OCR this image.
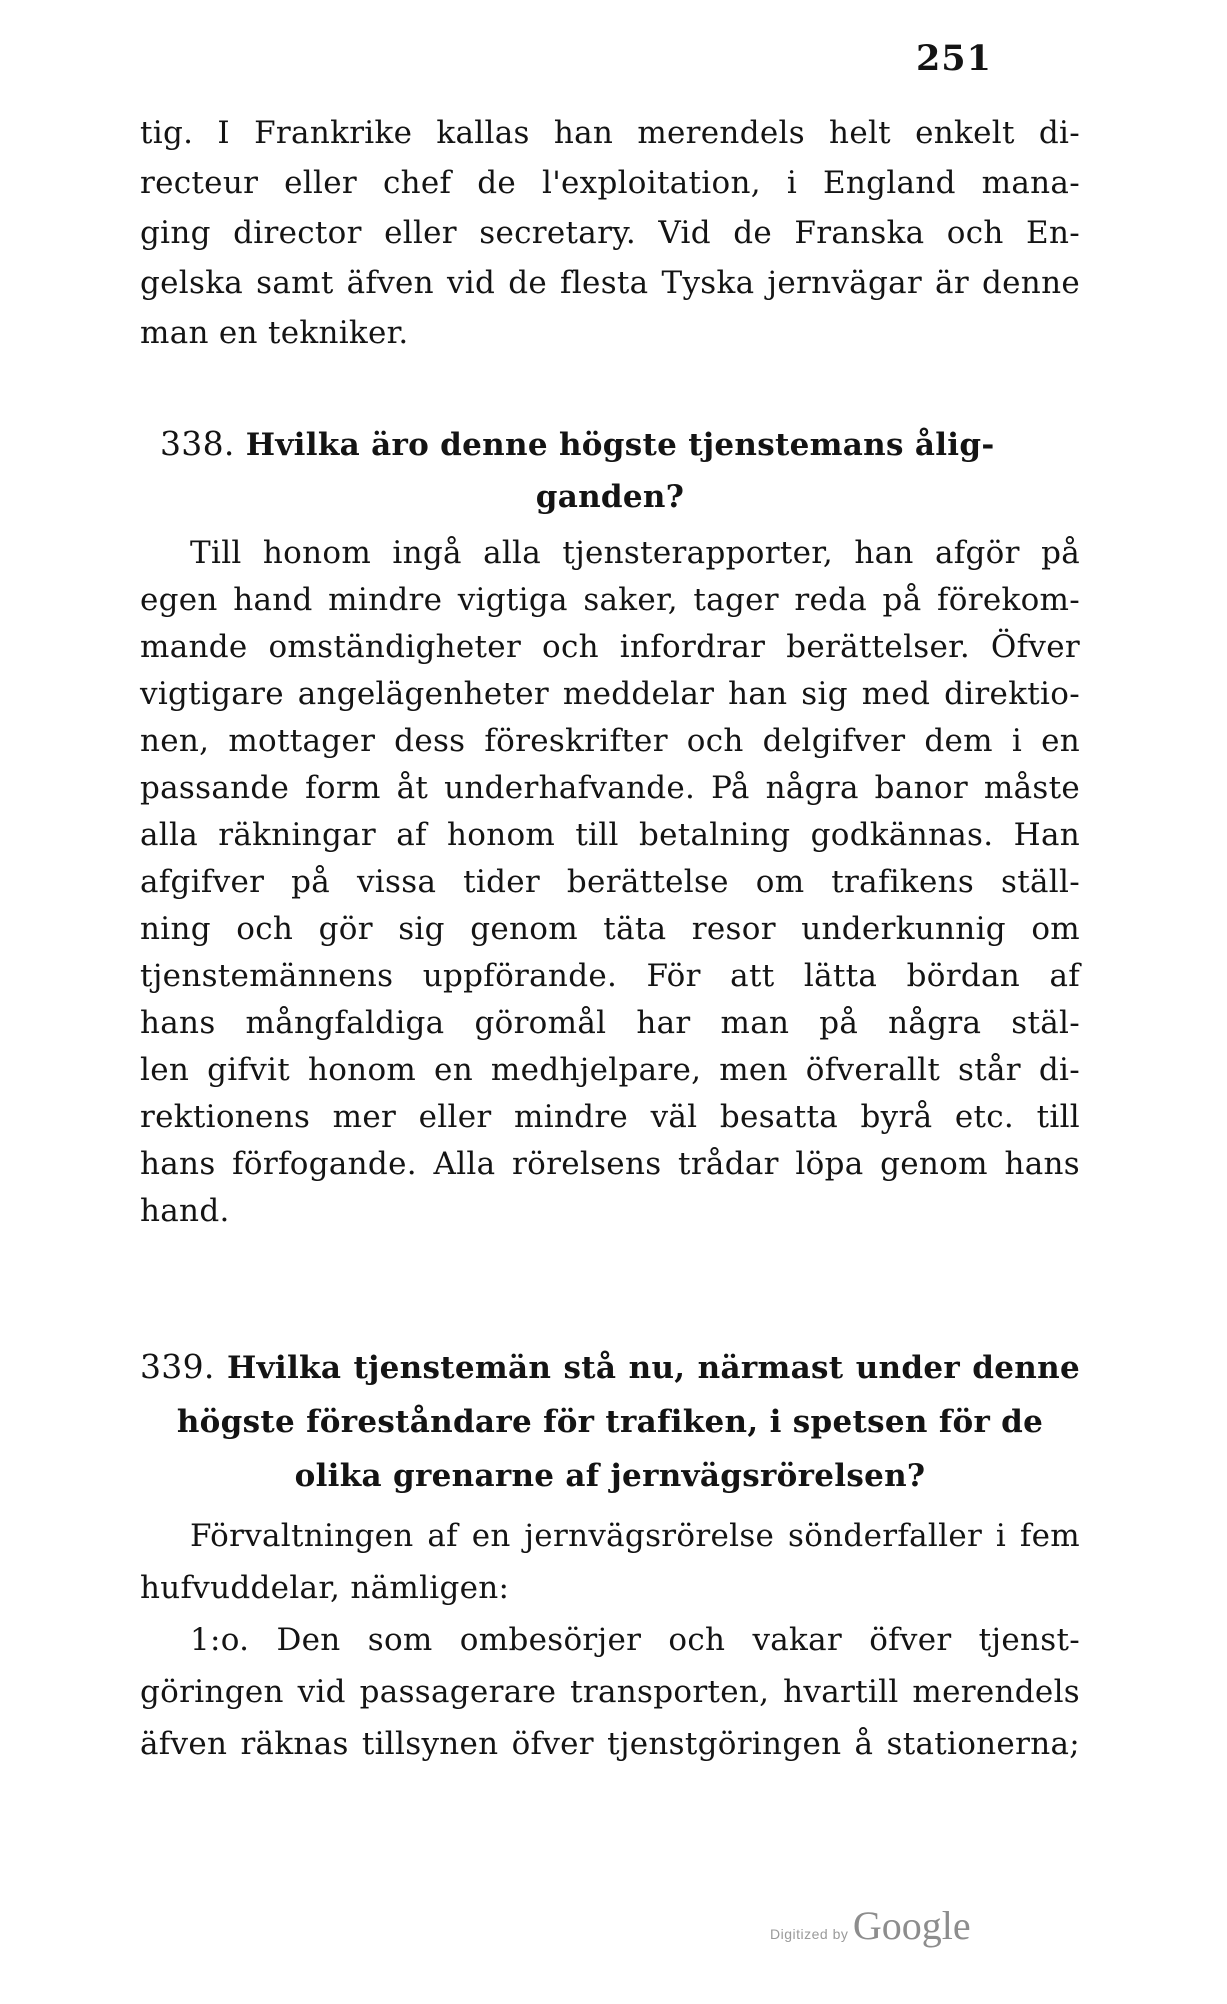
251
tig. I Frankrike kallas han merendels helt enkelt di-
recteur eller chef de l'exploitation, i England mana-
ging director eller secretary. Vid de Franska och En-
gelska samt äfven vid de flesta Tyska jernvägar är denne
man en tekniker.
338. Hvilka äro denne högste tjenstemans ålig-
ganden?
Till honom ingå alla tjensterapporter, han afgör på
egen hand mindre vigtiga saker, tager reda på förekom-
mande omständigheter och infordrar berättelser. Öfver
vigtigare angelägenheter meddelar han sig med direktio-
nen, mottager dess föreskrifter och delgifver dem i en
passande form åt underhafvande. På några banor måste
alla räkningar af honom till betalning godkännas. Han
afgifver på vissa tider berättelse om trafikens ställ-
ning och gör sig genom täta resor underkunnig om
tjenstemännens uppförande. För att lätta bördan af
hans mångfaldiga göromål har man på några stäl-
len gifvit honom en medhjelpare, men öfverallt står di-
rektionens mer eller mindre väl besatta byrå etc. till
hans förfogande. Alla rörelsens trådar löpa genom hans
hand.
339. Hvilka tjenstemän stå nu, närmast under denne
högste föreståndare för trafiken, i spetsen för de
olika grenarne af jernvägsrörelsen?
Förvaltningen af en jernvägsrörelse sönderfaller i fem
hufvuddelar, nämligen:
1:o. Den som ombesörjer och vakar öfver tjenst-
göringen vid passagerare transporten, hvartill merendels
äfven räknas tillsynen öfver tjenstgöringen å stationerna;
Digitized by Google
